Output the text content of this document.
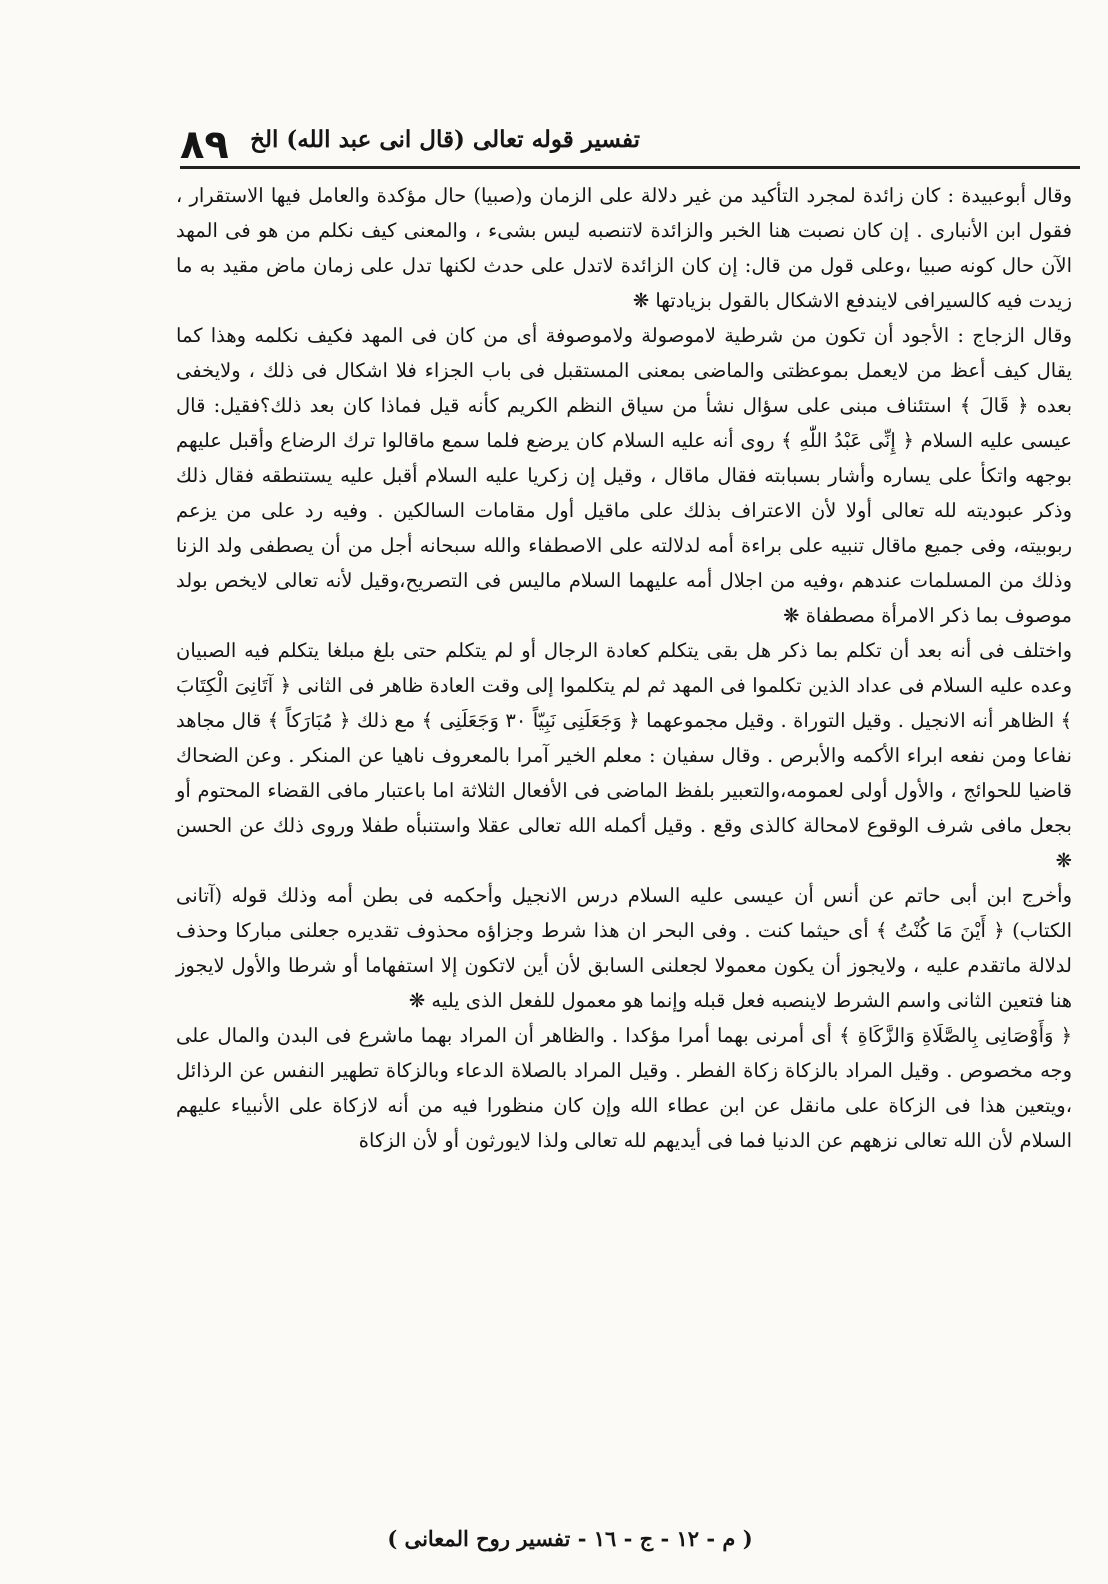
٨٩ تفسير قوله تعالى (قال انى عبد الله) الخ

وقال أبوعبيدة : كان زائدة لمجرد التأكيد من غير دلالة على الزمان و(صبيا) حال مؤكدة والعامل فيها الاستقرار ، فقول ابن الأنبارى . إن كان نصبت هنا الخبر والزائدة لاتنصبه ليس بشىء ، والمعنى كيف نكلم من هو فى المهد الآن حال كونه صبيا ،وعلى قول من قال: إن كان الزائدة لاتدل على حدث لكنها تدل على زمان ماض مقيد به ما زيدت فيه كالسيرافى لايندفع الاشكال بالقول بزيادتها ❋

وقال الزجاج : الأجود أن تكون من شرطية لاموصولة ولاموصوفة أى من كان فى المهد فكيف نكلمه وهذا كما يقال كيف أعظ من لايعمل بموعظتى والماضى بمعنى المستقبل فى باب الجزاء فلا اشكال فى ذلك ، ولايخفى بعده ﴿ قَالَ ﴾ استئناف مبنى على سؤال نشأ من سياق النظم الكريم كأنه قيل فماذا كان بعد ذلك؟فقيل: قال عيسى عليه السلام ﴿ إِنِّى عَبْدُ اللّٰهِ ﴾ روى أنه عليه السلام كان يرضع فلما سمع ماقالوا ترك الرضاع وأقبل عليهم بوجهه واتكأ على يساره وأشار بسبابته فقال ماقال ، وقيل إن زكريا عليه السلام أقبل عليه يستنطقه فقال ذلك وذكر عبوديته لله تعالى أولا لأن الاعتراف بذلك على ماقيل أول مقامات السالكين . وفيه رد على من يزعم ربوبيته، وفى جميع ماقال تنبيه على براءة أمه لدلالته على الاصطفاء والله سبحانه أجل من أن يصطفى ولد الزنا وذلك من المسلمات عندهم ،وفيه من اجلال أمه عليهما السلام ماليس فى التصريح،وقيل لأنه تعالى لايخص بولد موصوف بما ذكر الامرأة مصطفاة ❋

واختلف فى أنه بعد أن تكلم بما ذكر هل بقى يتكلم كعادة الرجال أو لم يتكلم حتى بلغ مبلغا يتكلم فيه الصبيان وعده عليه السلام فى عداد الذين تكلموا فى المهد ثم لم يتكلموا إلى وقت العادة ظاهر فى الثانى ﴿ آتَانِىَ الْكِتَابَ ﴾ الظاهر أنه الانجيل . وقيل التوراة . وقيل مجموعهما ﴿ وَجَعَلَنِى نَبِيّاً ٣٠ وَجَعَلَنِى ﴾ مع ذلك ﴿ مُبَارَكاً ﴾ قال مجاهد نفاعا ومن نفعه ابراء الأكمه والأبرص . وقال سفيان : معلم الخير آمرا بالمعروف ناهيا عن المنكر . وعن الضحاك قاضيا للحوائج ، والأول أولى لعمومه،والتعبير بلفظ الماضى فى الأفعال الثلاثة اما باعتبار مافى القضاء المحتوم أو بجعل مافى شرف الوقوع لامحالة كالذى وقع . وقيل أكمله الله تعالى عقلا واستنبأه طفلا وروى ذلك عن الحسن ❋

وأخرج ابن أبى حاتم عن أنس أن عيسى عليه السلام درس الانجيل وأحكمه فى بطن أمه وذلك قوله (آتانى الكتاب) ﴿ أَيْنَ مَا كُنْتُ ﴾ أى حيثما كنت . وفى البحر ان هذا شرط وجزاؤه محذوف تقديره جعلنى مباركا وحذف لدلالة ماتقدم عليه ، ولايجوز أن يكون معمولا لجعلنى السابق لأن أين لاتكون إلا استفهاما أو شرطا والأول لايجوز هنا فتعين الثانى واسم الشرط لاينصبه فعل قبله وإنما هو معمول للفعل الذى يليه ❋

﴿ وَأَوْصَانِى بِالصَّلَاةِ وَالزَّكَاةِ ﴾ أى أمرنى بهما أمرا مؤكدا . والظاهر أن المراد بهما ماشرع فى البدن والمال على وجه مخصوص . وقيل المراد بالزكاة زكاة الفطر . وقيل المراد بالصلاة الدعاء وبالزكاة تطهير النفس عن الرذائل ،ويتعين هذا فى الزكاة على مانقل عن ابن عطاء الله وإن كان منظورا فيه من أنه لازكاة على الأنبياء عليهم السلام لأن الله تعالى نزههم عن الدنيا فما فى أيديهم لله تعالى ولذا لايورثون أو لأن الزكاة

( م - ١٢ - ج - ١٦ - تفسير روح المعانى )
